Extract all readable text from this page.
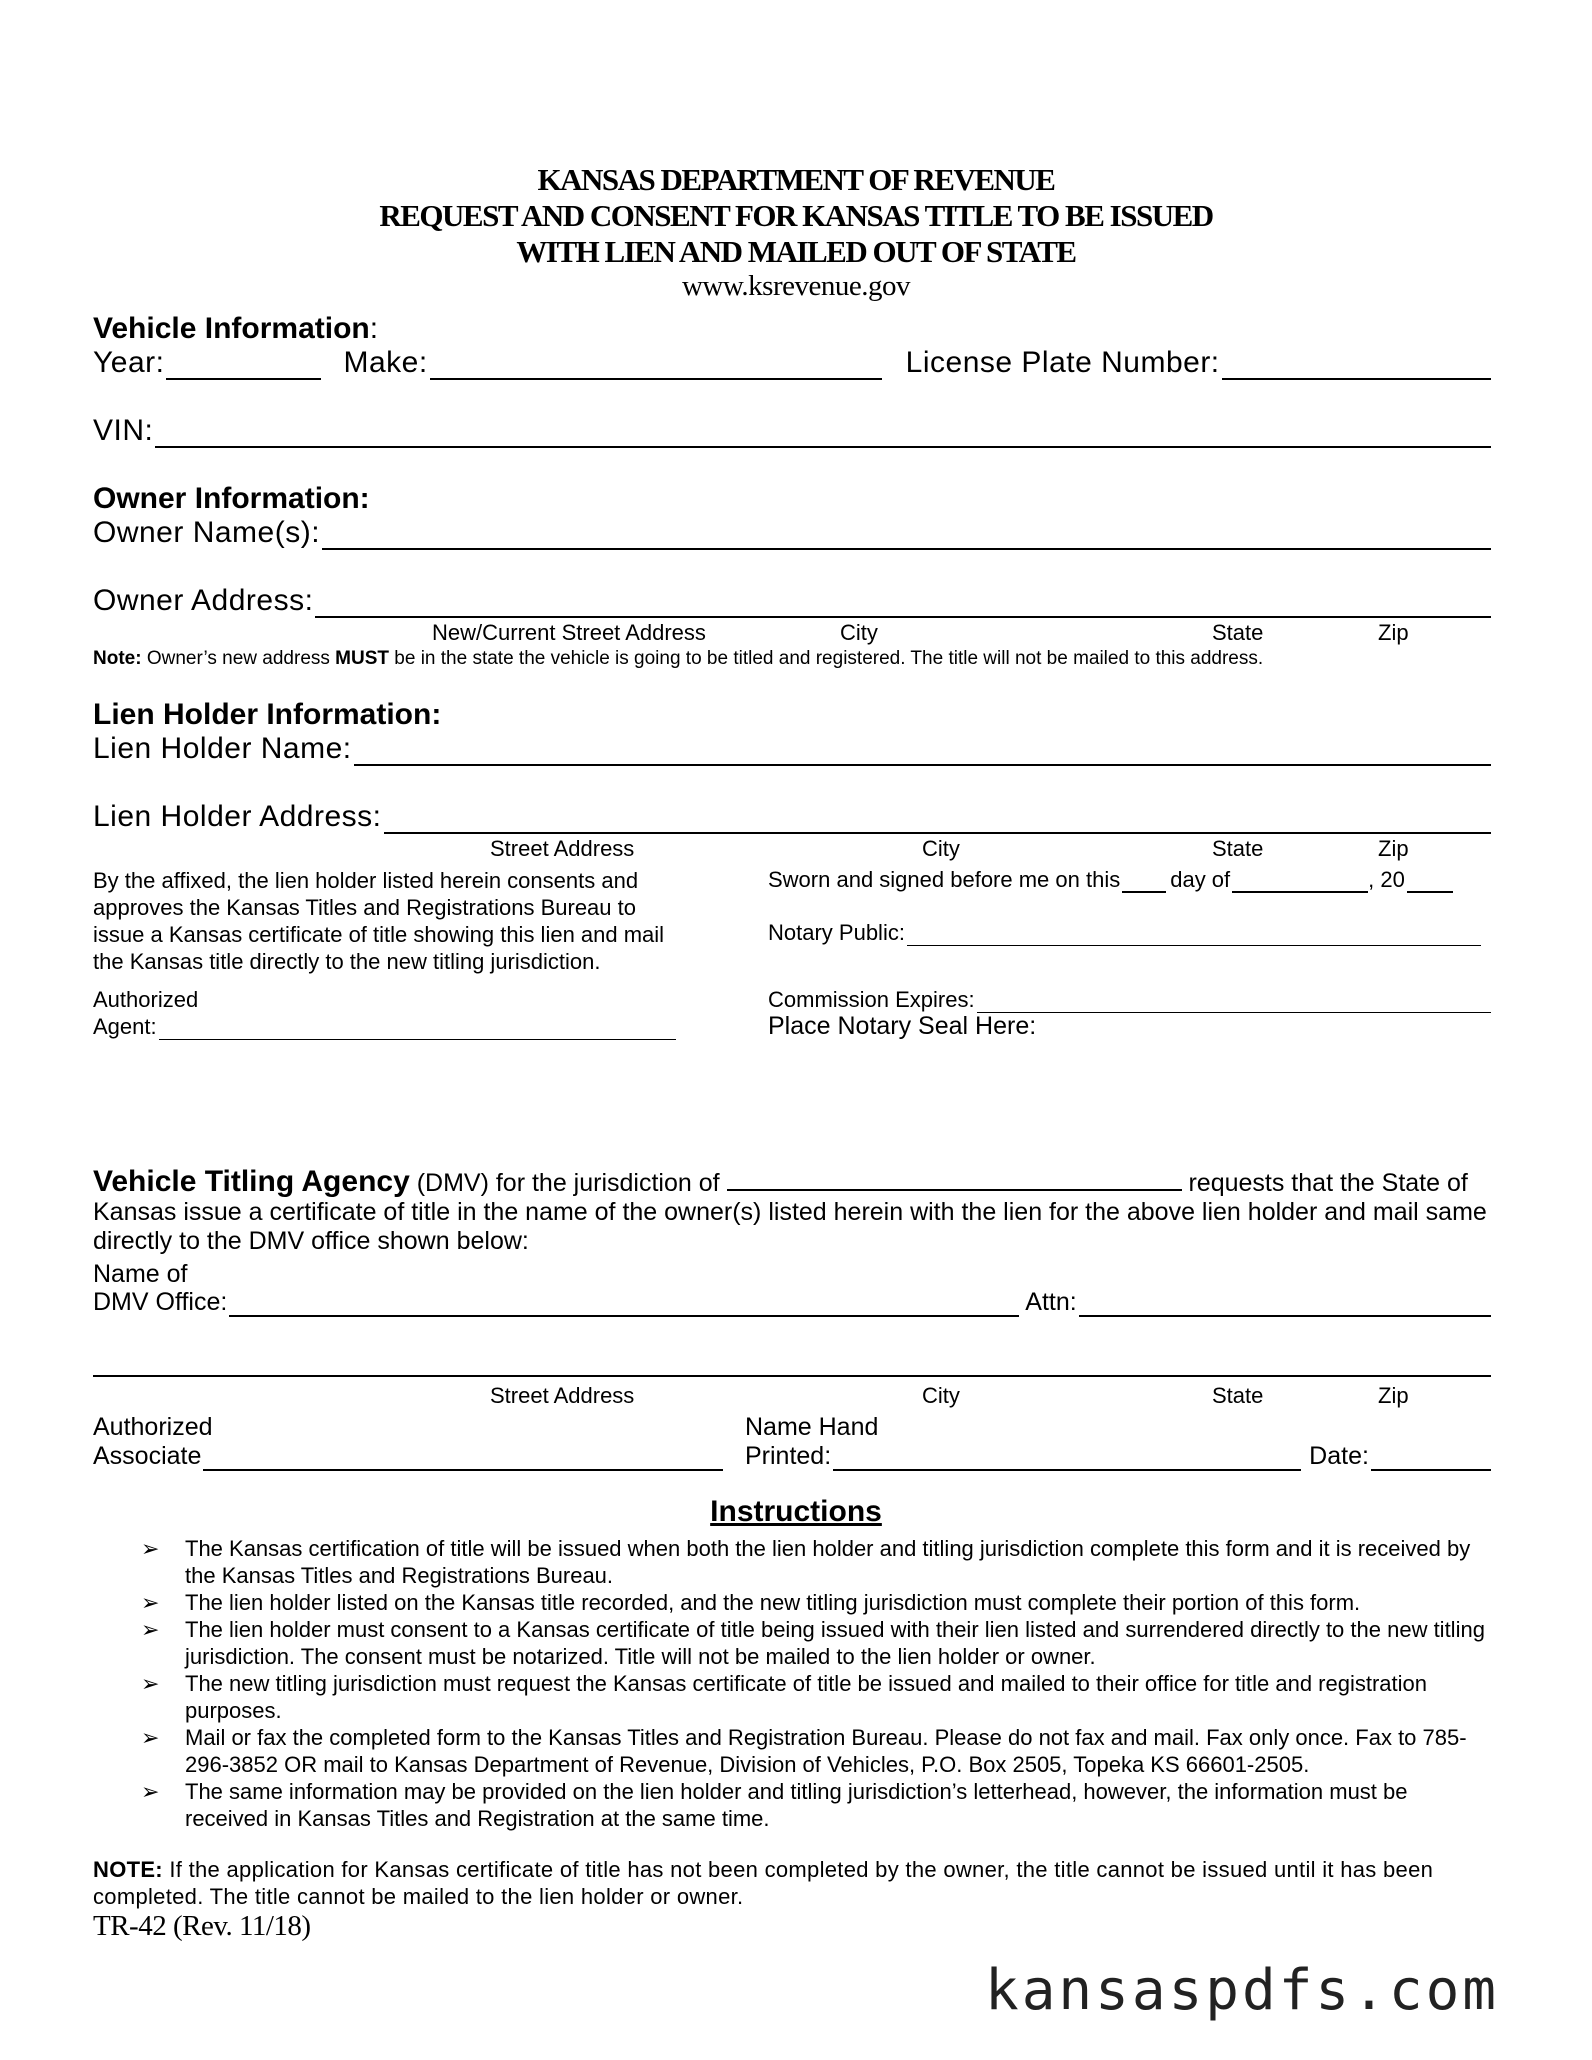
KANSAS DEPARTMENT OF REVENUE
REQUEST AND CONSENT FOR KANSAS TITLE TO BE ISSUED
WITH LIEN AND MAILED OUT OF STATE
www.ksrevenue.gov
Vehicle Information:
Year:	Make:	License Plate Number:
VIN:
Owner Information:
Owner Name(s):
Owner Address:
New/Current Street Address	City	State	Zip
Note: Owner’s new address MUST be in the state the vehicle is going to be titled and registered. The title will not be mailed to this address.
Lien Holder Information:
Lien Holder Name:
Lien Holder Address:
Street Address	City	State	Zip
By the affixed, the lien holder listed herein consents and approves the Kansas Titles and Registrations Bureau to issue a Kansas certificate of title showing this lien and mail the Kansas title directly to the new titling jurisdiction.
Authorized
Agent:
Sworn and signed before me on this day of	, 20
Notary Public:
Commission Expires:
Place Notary Seal Here:
Vehicle Titling Agency (DMV) for the jurisdiction of	requests that the State of Kansas issue a certificate of title in the name of the owner(s) listed herein with the lien for the above lien holder and mail same directly to the DMV office shown below:
Name of
DMV Office:	Attn:
Street Address	City	State	Zip
Authorized
Associate
Name Hand
Printed:	Date:
Instructions
➢ The Kansas certification of title will be issued when both the lien holder and titling jurisdiction complete this form and it is received by the Kansas Titles and Registrations Bureau.
➢ The lien holder listed on the Kansas title recorded, and the new titling jurisdiction must complete their portion of this form.
➢ The lien holder must consent to a Kansas certificate of title being issued with their lien listed and surrendered directly to the new titling jurisdiction. The consent must be notarized. Title will not be mailed to the lien holder or owner.
➢ The new titling jurisdiction must request the Kansas certificate of title be issued and mailed to their office for title and registration purposes.
➢ Mail or fax the completed form to the Kansas Titles and Registration Bureau. Please do not fax and mail. Fax only once. Fax to 785-296-3852 OR mail to Kansas Department of Revenue, Division of Vehicles, P.O. Box 2505, Topeka KS 66601-2505.
➢ The same information may be provided on the lien holder and titling jurisdiction’s letterhead, however, the information must be received in Kansas Titles and Registration at the same time.
NOTE: If the application for Kansas certificate of title has not been completed by the owner, the title cannot be issued until it has been completed. The title cannot be mailed to the lien holder or owner.
TR-42 (Rev. 11/18)
kansaspdfs.com
